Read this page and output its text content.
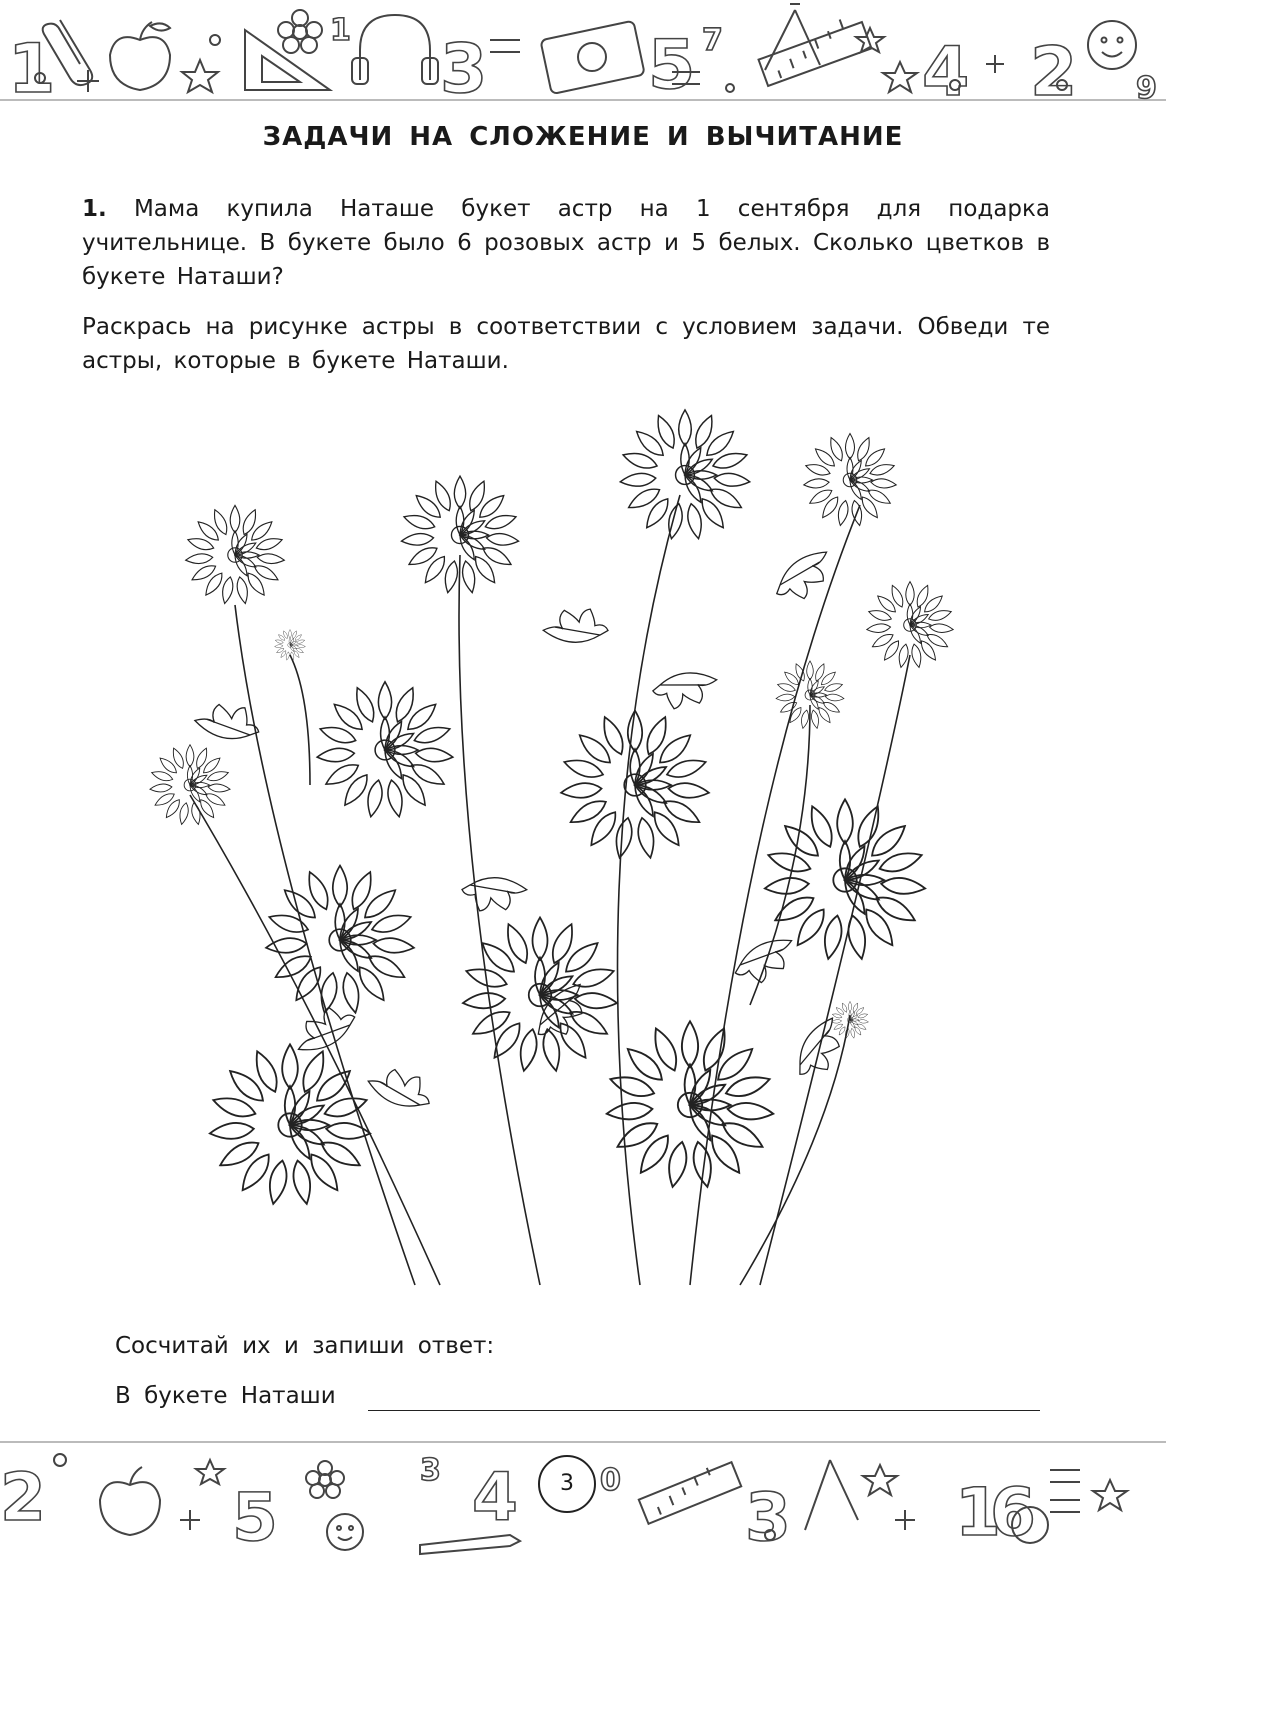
1	3 5 7	4 2 9
1
ЗАДАЧИ НА СЛОЖЕНИЕ И ВЫЧИТАНИЕ

1. Мама купила Наташе букет астр на 1 сентября для подарка учительнице. В букете было 6 розовых астр и 5 белых. Сколько цветков в букете Наташи?

Раскрась на рисунке астры в соответствии с условием задачи. Обведи те астры, которые в букете Наташи.

Сосчитай их и запиши ответ:

В букете Наташи
2	5
3 4	0 3 1
6
3
